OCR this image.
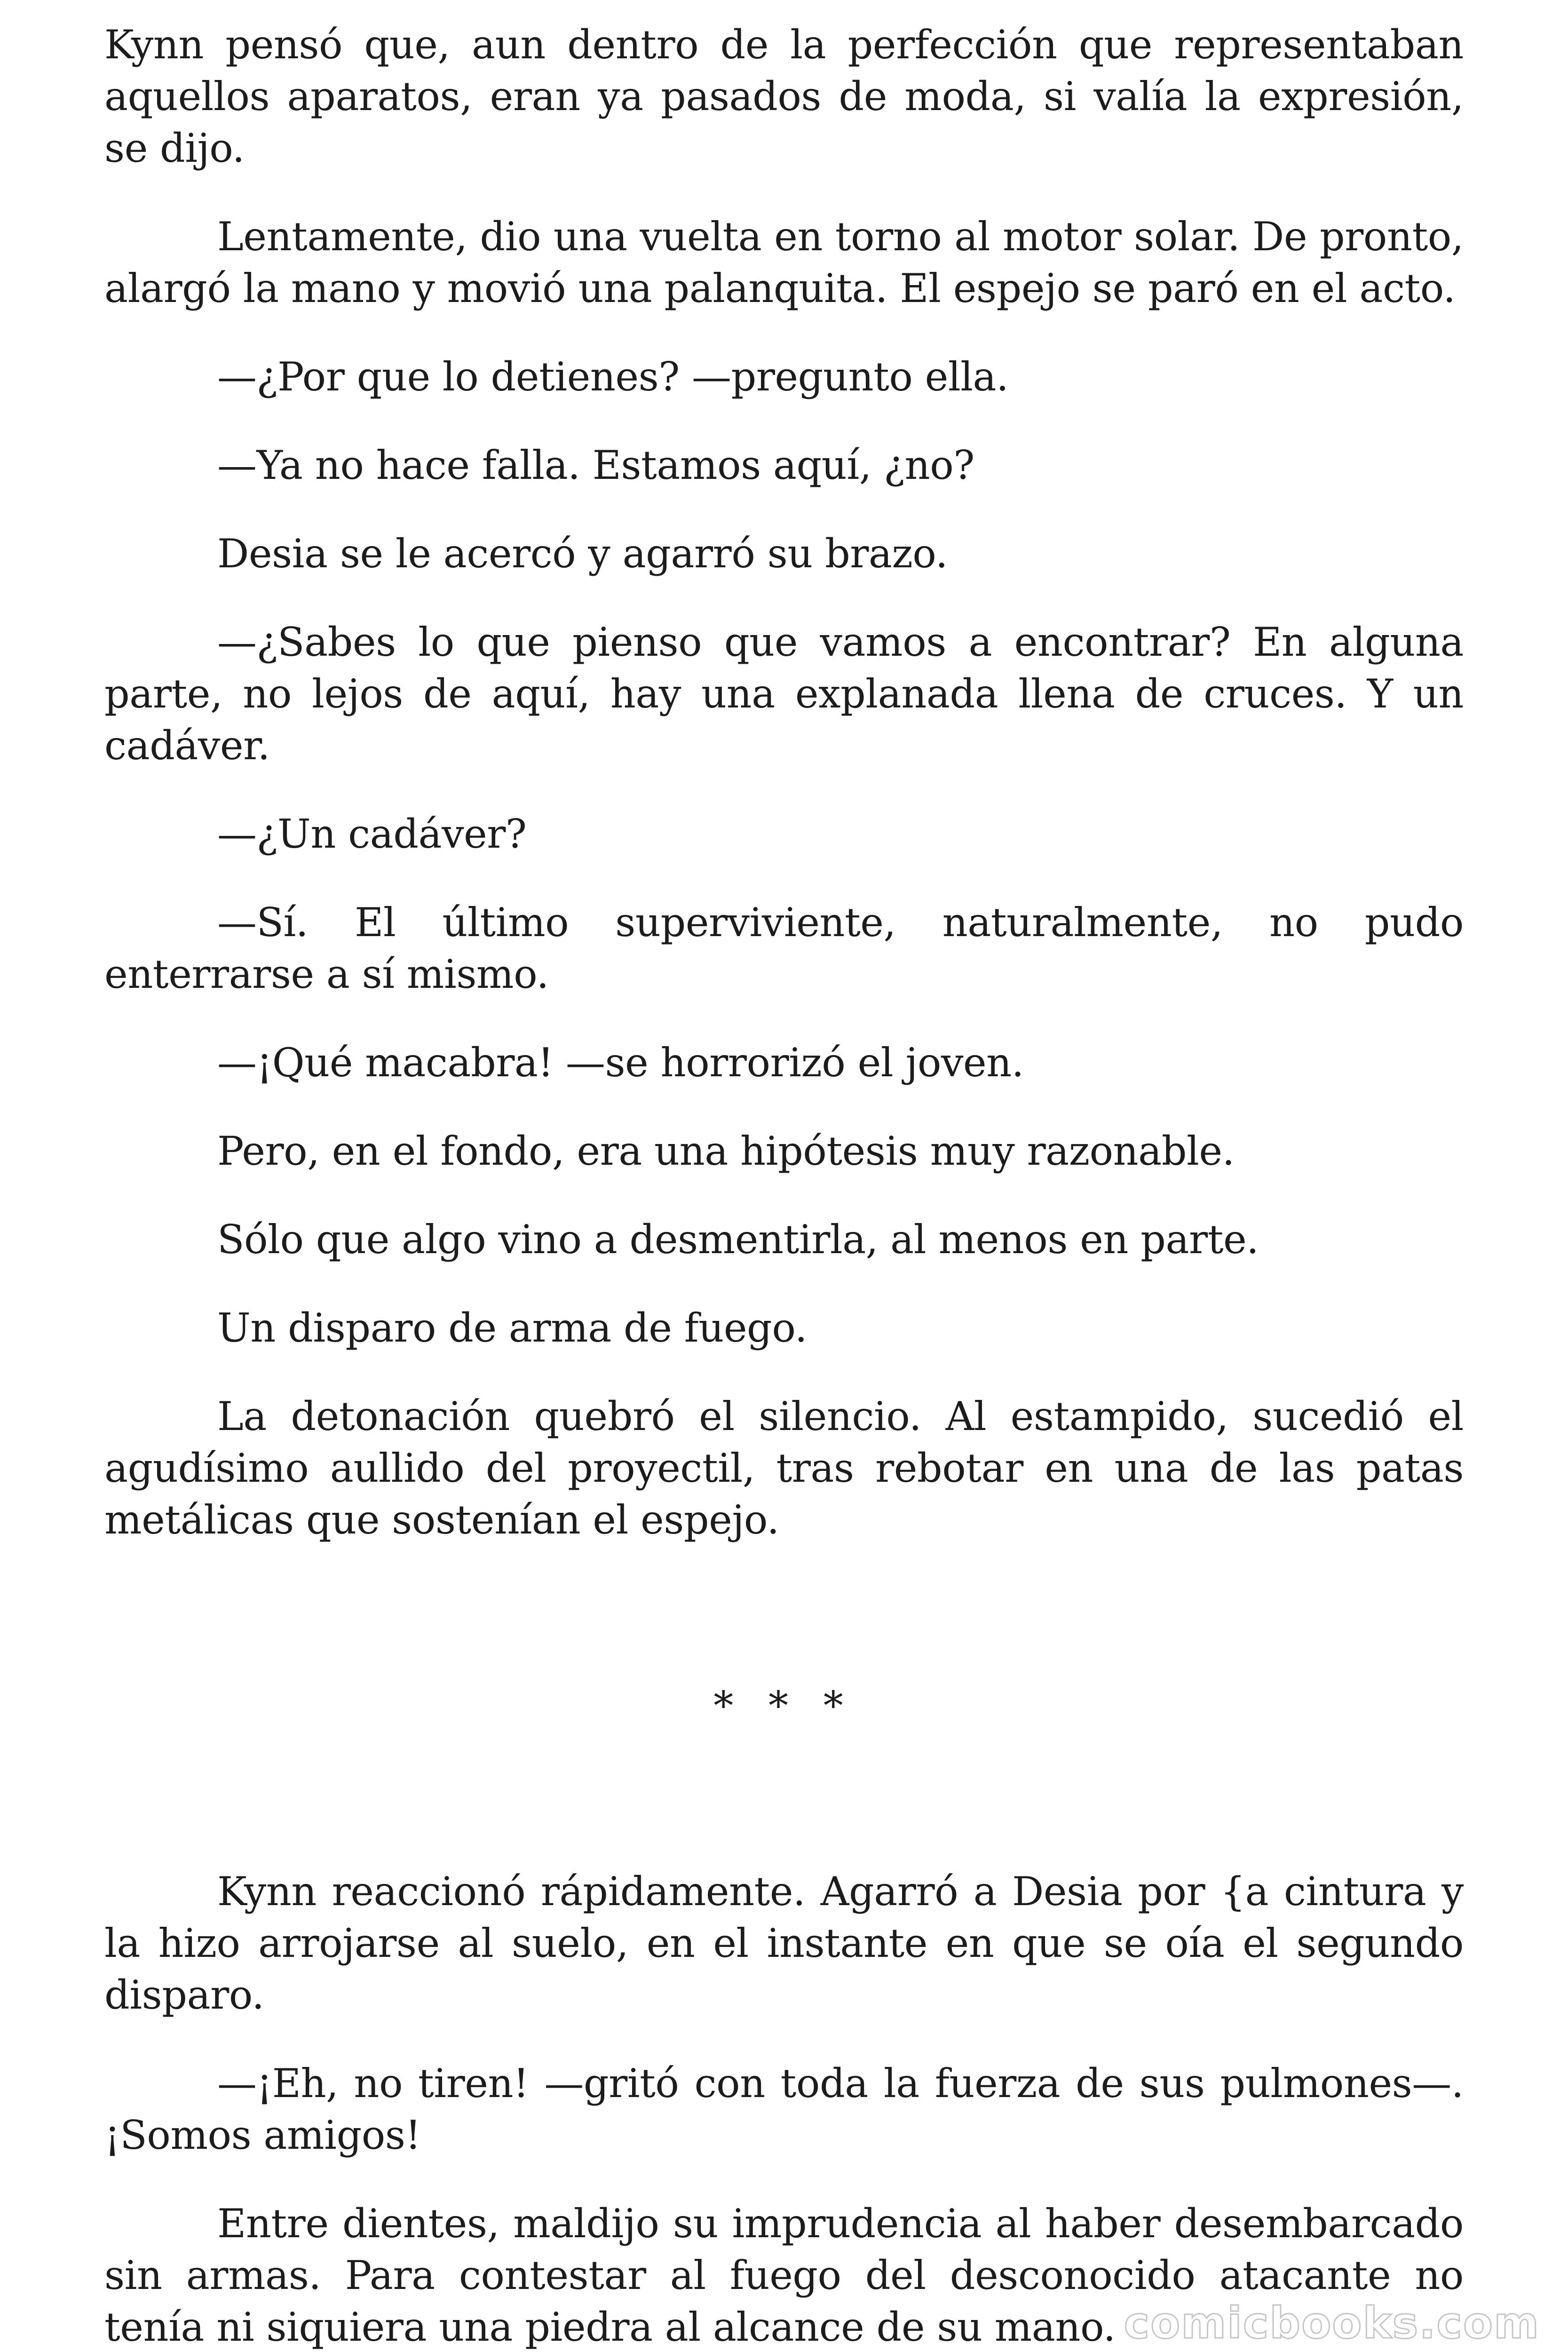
Kynn pensó que, aun dentro de la perfección que representaban aquellos aparatos, eran ya pasados de moda, si valía la expresión, se dijo.

Lentamente, dio una vuelta en torno al motor solar. De pronto, alargó la mano y movió una palanquita. El espejo se paró en el acto.

—¿Por que lo detienes? —pregunto ella.

—Ya no hace falla. Estamos aquí, ¿no?

Desia se le acercó y agarró su brazo.

—¿Sabes lo que pienso que vamos a encontrar? En alguna parte, no lejos de aquí, hay una explanada llena de cruces. Y un cadáver.

—¿Un cadáver?

—Sí. El último superviviente, naturalmente, no pudo enterrarse a sí mismo.

—¡Qué macabra! —se horrorizó el joven.

Pero, en el fondo, era una hipótesis muy razonable.

Sólo que algo vino a desmentirla, al menos en parte.

Un disparo de arma de fuego.

La detonación quebró el silencio. Al estampido, sucedió el agudísimo aullido del proyectil, tras rebotar en una de las patas metálicas que sostenían el espejo.

* * *

Kynn reaccionó rápidamente. Agarró a Desia por {a cintura y la hizo arrojarse al suelo, en el instante en que se oía el segundo disparo.

—¡Eh, no tiren! —gritó con toda la fuerza de sus pulmones—. ¡Somos amigos!

Entre dientes, maldijo su imprudencia al haber desembarcado sin armas. Para contestar al fuego del desconocido atacante no tenía ni siquiera una piedra al alcance de su mano. comicbooks.com
